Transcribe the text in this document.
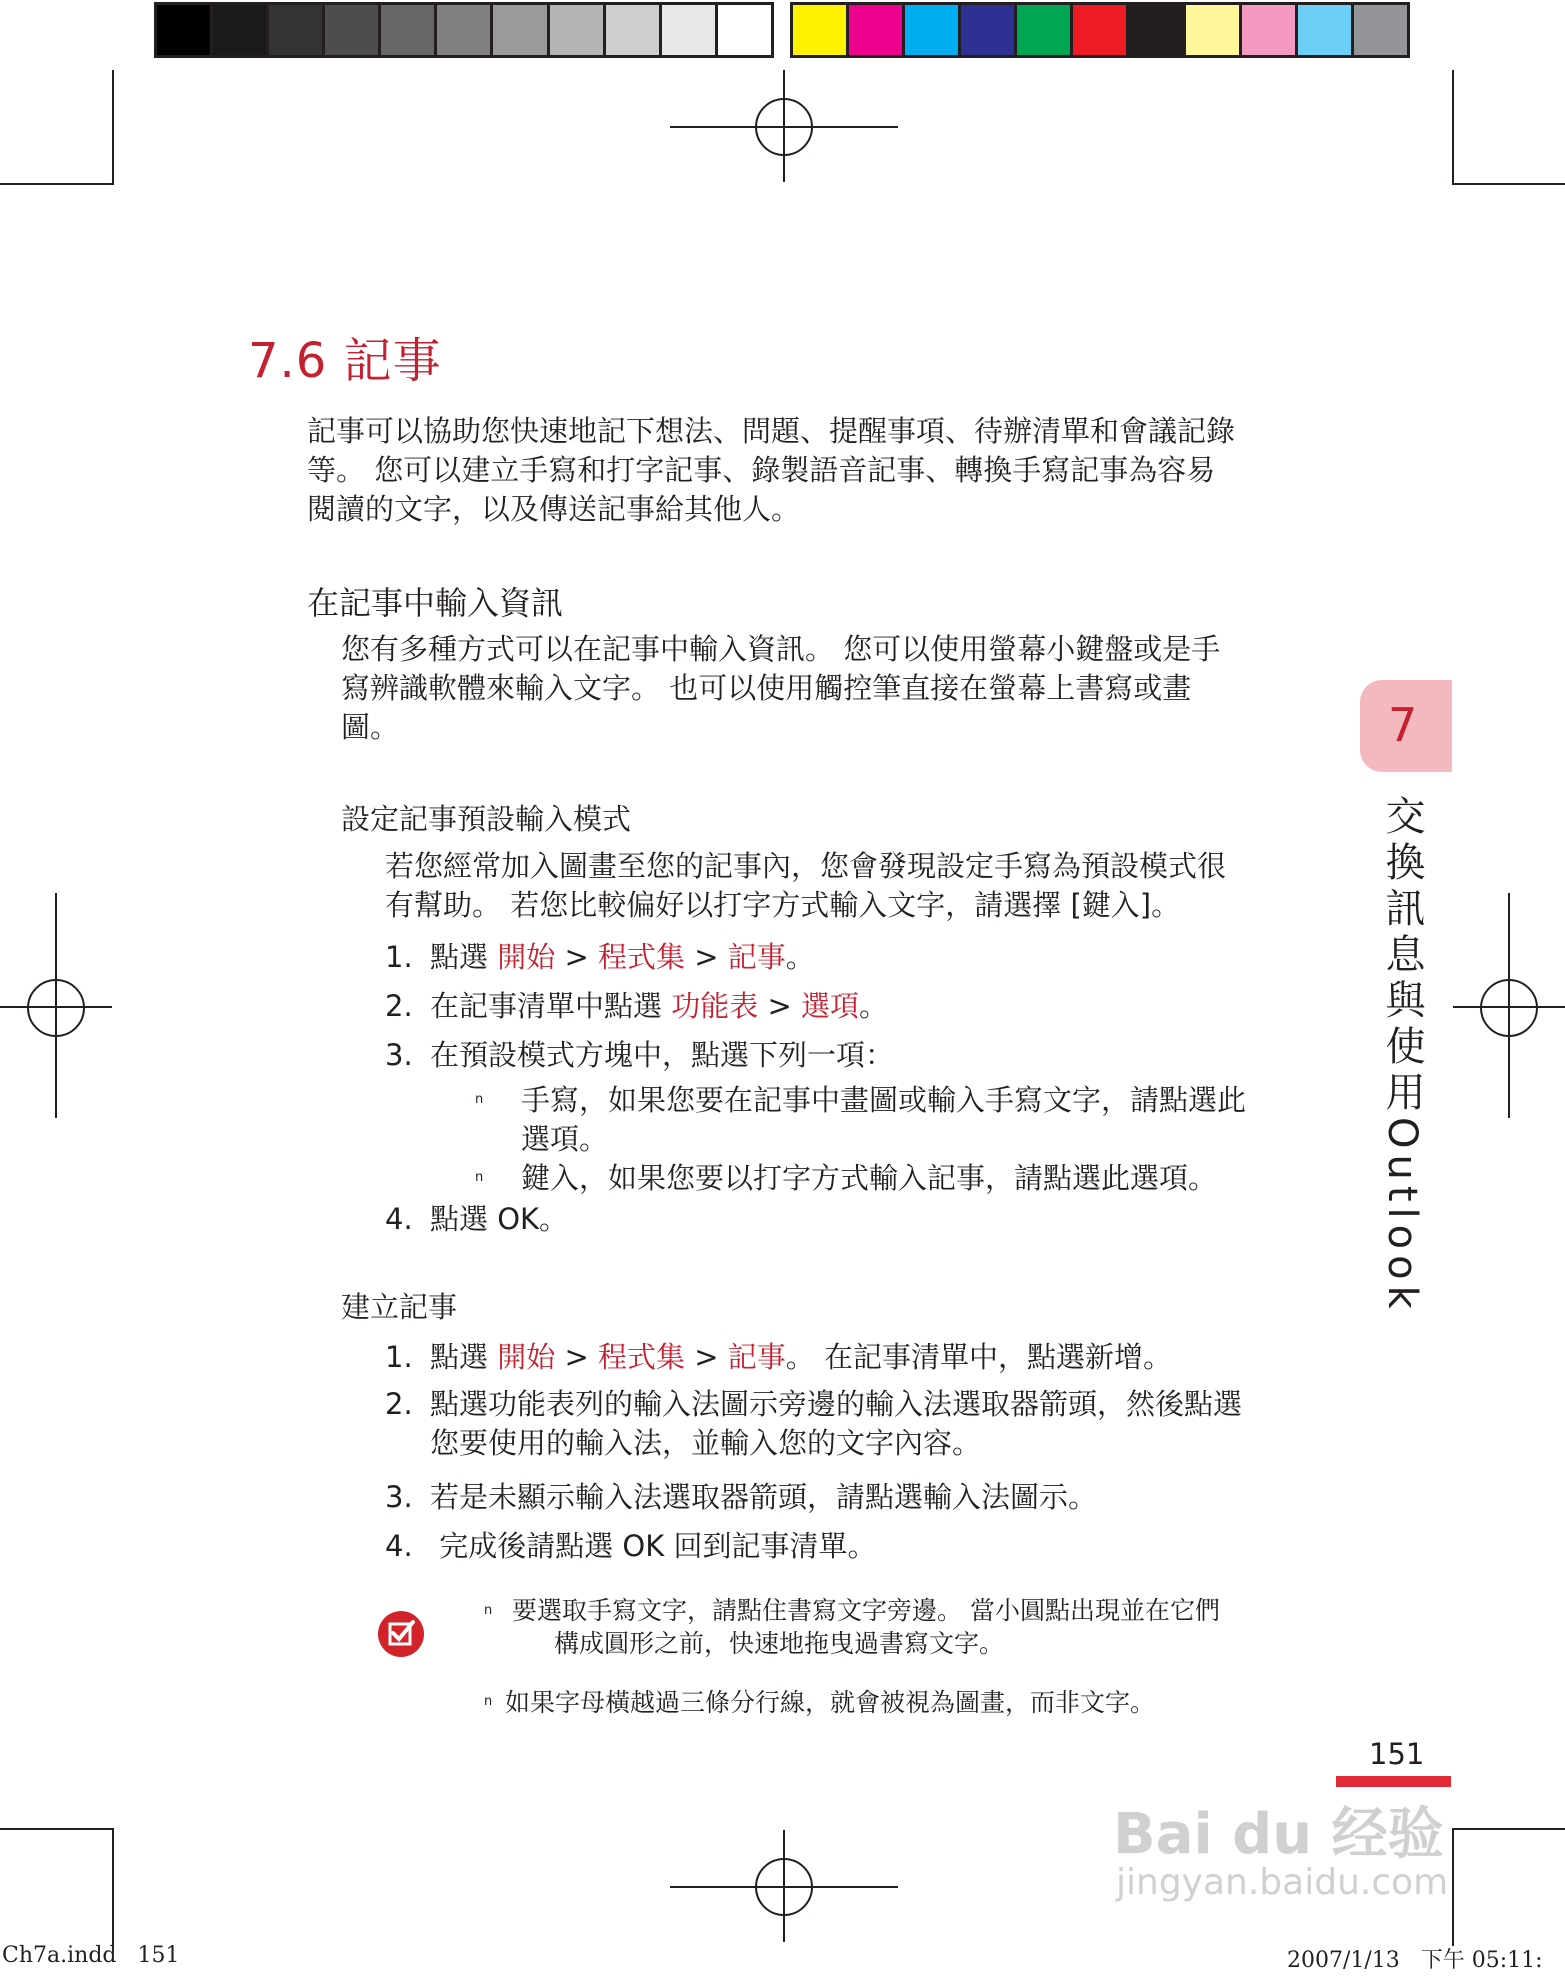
7.6 記事
記事可以協助您快速地記下想法、問題、提醒事項、待辦清單和會議記錄
等。 您可以建立手寫和打字記事、錄製語音記事、轉換手寫記事為容易
閱讀的文字，以及傳送記事給其他人。
在記事中輸入資訊
您有多種方式可以在記事中輸入資訊。 您可以使用螢幕小鍵盤或是手
寫辨識軟體來輸入文字。 也可以使用觸控筆直接在螢幕上書寫或畫
圖。
設定記事預設輸入模式
若您經常加入圖畫至您的記事內，您會發現設定手寫為預設模式很
有幫助。 若您比較偏好以打字方式輸入文字，請選擇 [鍵入]。
1. 點選 開始 > 程式集 > 記事。
2. 在記事清單中點選 功能表 > 選項。
3. 在預設模式方塊中，點選下列一項：
n 手寫，如果您要在記事中畫圖或輸入手寫文字，請點選此
選項。
n 鍵入，如果您要以打字方式輸入記事，請點選此選項。
4. 點選 OK。
建立記事
1. 點選 開始 > 程式集 > 記事。 在記事清單中，點選新增。
2. 點選功能表列的輸入法圖示旁邊的輸入法選取器箭頭，然後點選
您要使用的輸入法，並輸入您的文字內容。
3. 若是未顯示輸入法選取器箭頭，請點選輸入法圖示。
4. 完成後請點選 OK 回到記事清單。
n 要選取手寫文字，請點住書寫文字旁邊。 當小圓點出現並在它們
構成圓形之前，快速地拖曳過書寫文字。
n 如果字母橫越過三條分行線，就會被視為圖畫，而非文字。
7
交換訊息與使用Outlook
151
Bai du 经验
jingyan.baidu.com
Ch7a.indd   151	2007/1/13   下午 05:11:
